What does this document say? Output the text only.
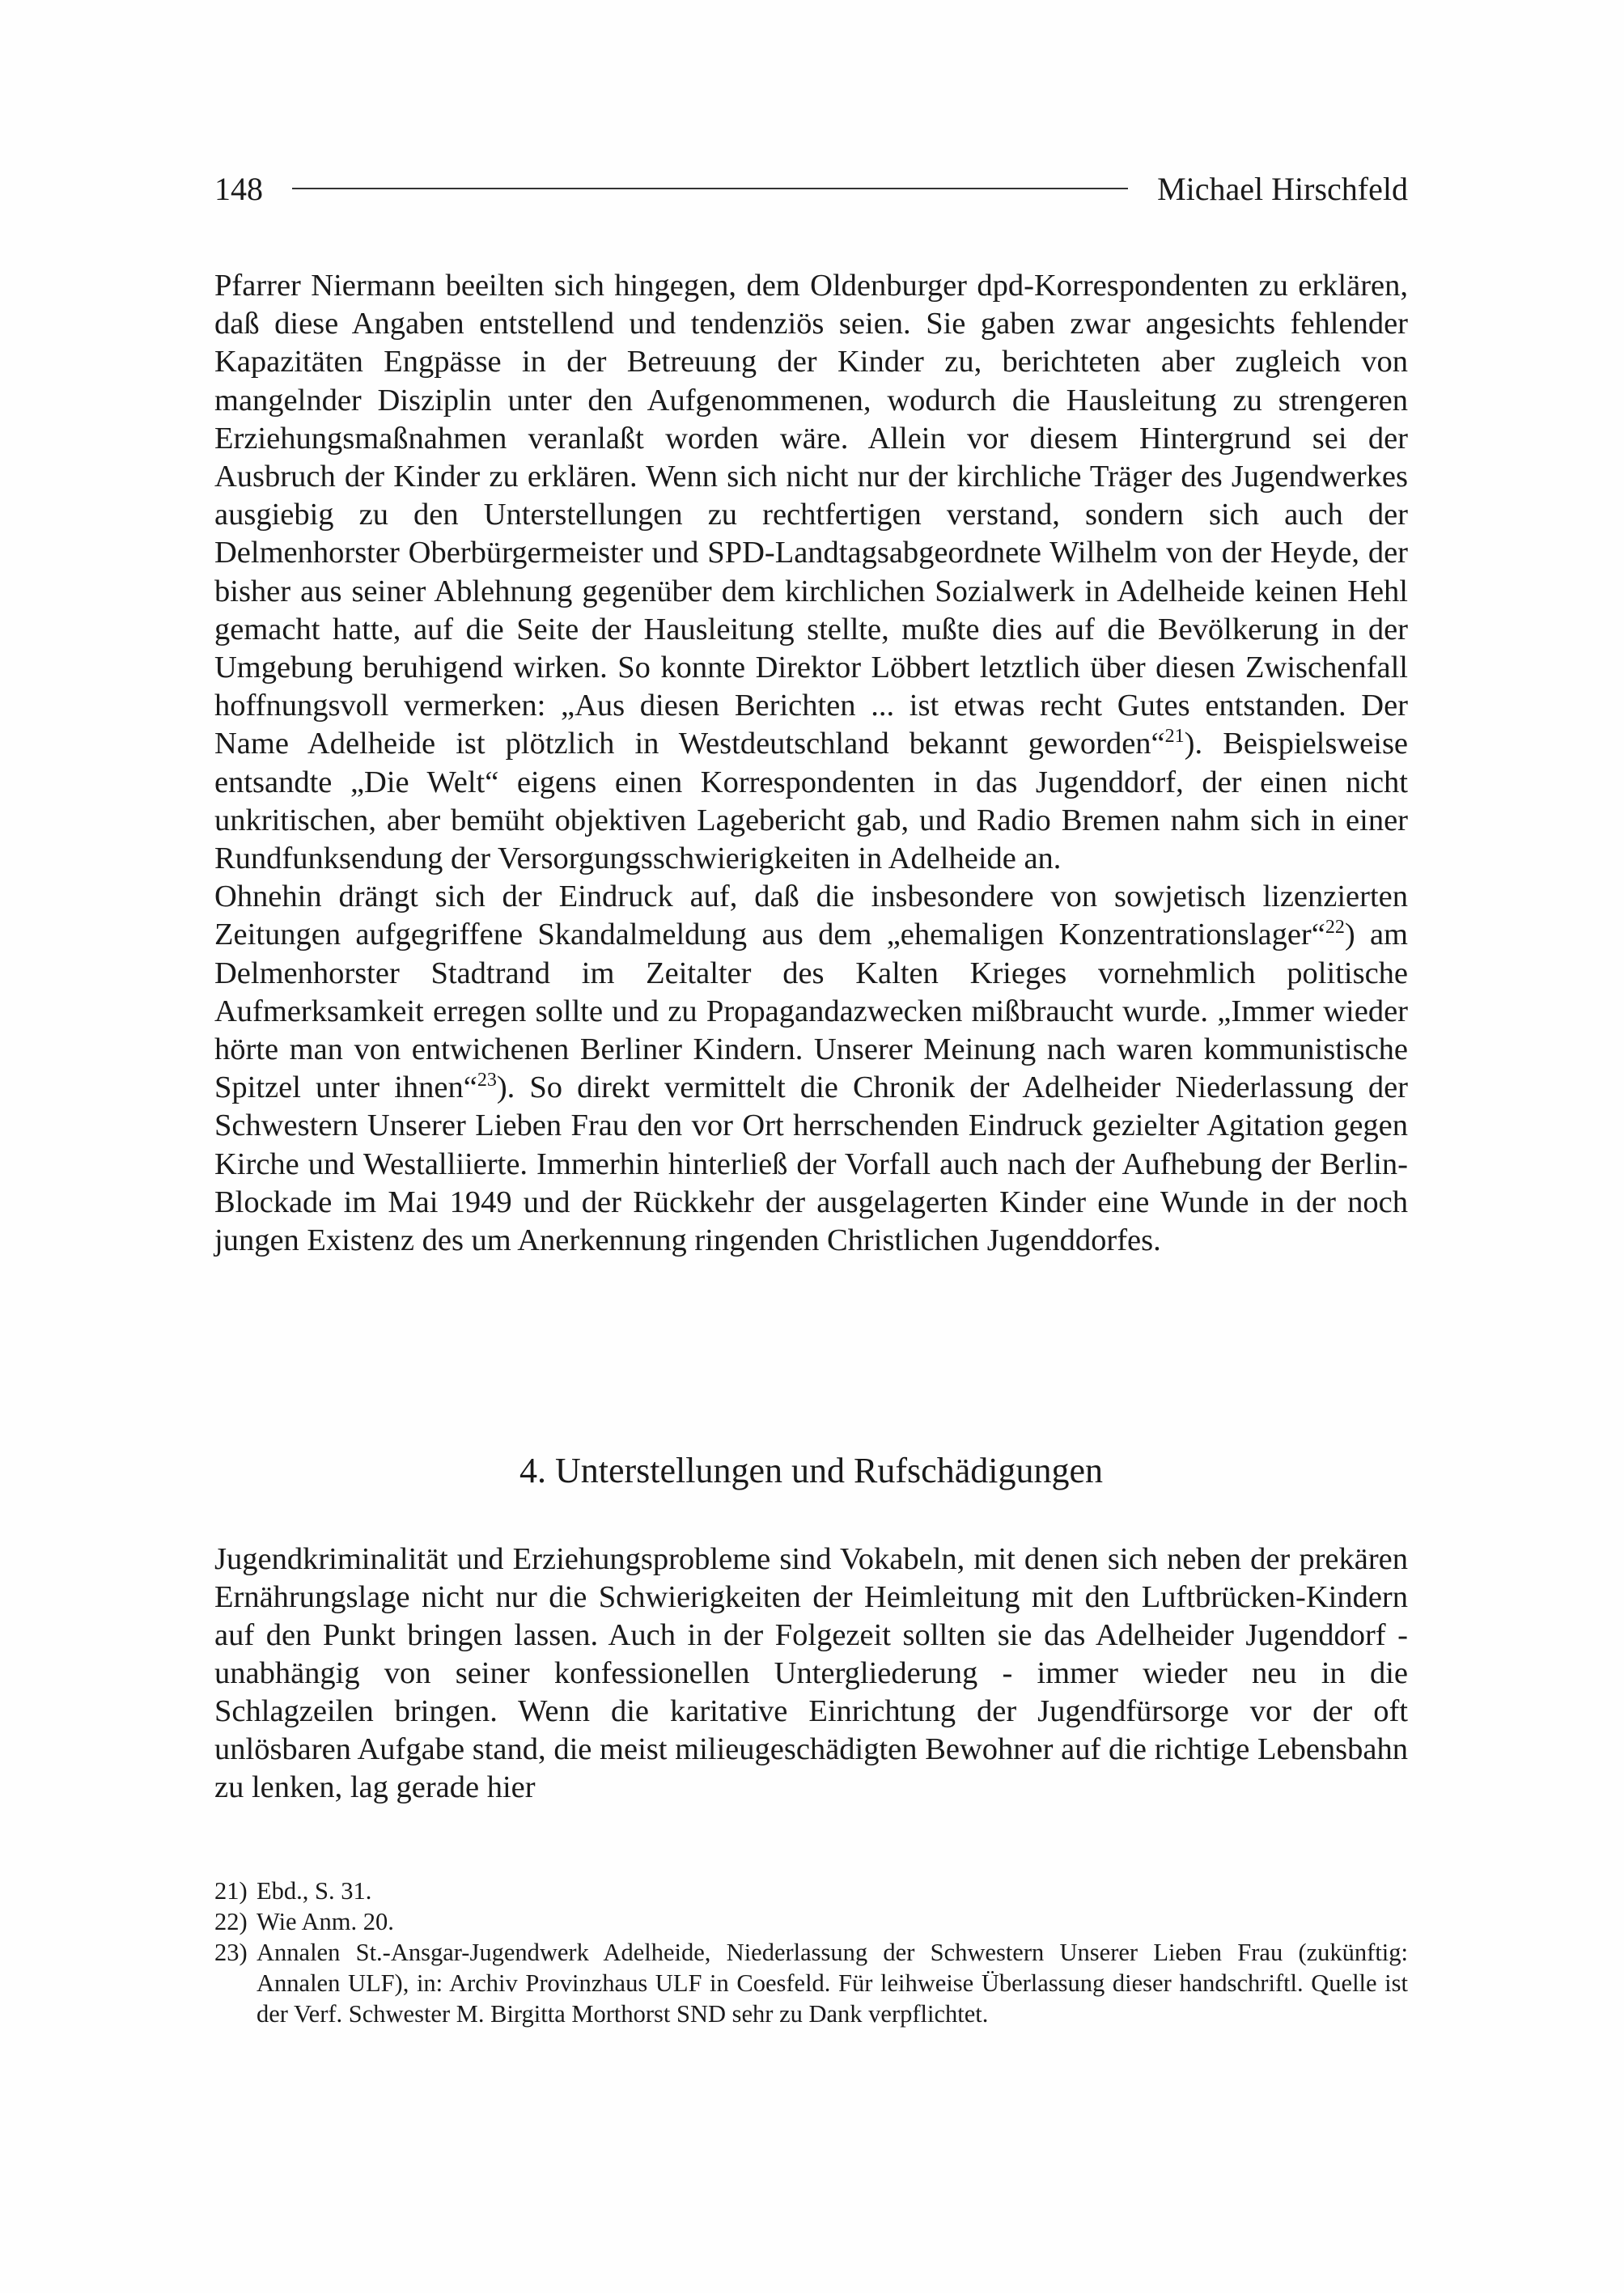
148	Michael Hirschfeld

Pfarrer Niermann beeilten sich hingegen, dem Oldenburger dpd-Korrespondenten zu erklären, daß diese Angaben entstellend und tendenziös seien. Sie gaben zwar angesichts fehlender Kapazitäten Engpässe in der Betreuung der Kinder zu, berichteten aber zugleich von mangelnder Disziplin unter den Aufgenommenen, wodurch die Hausleitung zu strengeren Erziehungsmaßnahmen veranlaßt worden wäre. Allein vor diesem Hintergrund sei der Ausbruch der Kinder zu erklären. Wenn sich nicht nur der kirchliche Träger des Jugendwerkes ausgiebig zu den Unterstellungen zu rechtfertigen verstand, sondern sich auch der Delmenhorster Oberbürgermeister und SPD-Landtagsabgeordnete Wilhelm von der Heyde, der bisher aus seiner Ablehnung gegenüber dem kirchlichen Sozialwerk in Adelheide keinen Hehl gemacht hatte, auf die Seite der Hausleitung stellte, mußte dies auf die Bevölkerung in der Umgebung beruhigend wirken. So konnte Direktor Löbbert letztlich über diesen Zwischenfall hoffnungsvoll vermerken: „Aus diesen Berichten ... ist etwas recht Gutes entstanden. Der Name Adelheide ist plötzlich in Westdeutschland bekannt geworden“$^{21}$). Beispielsweise entsandte „Die Welt“ eigens einen Korrespondenten in das Jugenddorf, der einen nicht unkritischen, aber bemüht objektiven Lagebericht gab, und Radio Bremen nahm sich in einer Rundfunksendung der Versorgungsschwierigkeiten in Adelheide an.

Ohnehin drängt sich der Eindruck auf, daß die insbesondere von sowjetisch lizenzierten Zeitungen aufgegriffene Skandalmeldung aus dem „ehemaligen Konzentrationslager“$^{22}$) am Delmenhorster Stadtrand im Zeitalter des Kalten Krieges vornehmlich politische Aufmerksamkeit erregen sollte und zu Propagandazwecken mißbraucht wurde. „Immer wieder hörte man von entwichenen Berliner Kindern. Unserer Meinung nach waren kommunistische Spitzel unter ihnen“$^{23}$). So direkt vermittelt die Chronik der Adelheider Niederlassung der Schwestern Unserer Lieben Frau den vor Ort herrschenden Eindruck gezielter Agitation gegen Kirche und Westalliierte. Immerhin hinterließ der Vorfall auch nach der Aufhebung der Berlin-Blockade im Mai 1949 und der Rückkehr der ausgelagerten Kinder eine Wunde in der noch jungen Existenz des um Anerkennung ringenden Christlichen Jugenddorfes.

4. Unterstellungen und Rufschädigungen

Jugendkriminalität und Erziehungsprobleme sind Vokabeln, mit denen sich neben der prekären Ernährungslage nicht nur die Schwierigkeiten der Heimleitung mit den Luftbrücken-Kindern auf den Punkt bringen lassen. Auch in der Folgezeit sollten sie das Adelheider Jugenddorf - unabhängig von seiner konfessionellen Untergliederung - immer wieder neu in die Schlagzeilen bringen. Wenn die karitative Einrichtung der Jugendfürsorge vor der oft unlösbaren Aufgabe stand, die meist milieugeschädigten Bewohner auf die richtige Lebensbahn zu lenken, lag gerade hier

21) Ebd., S. 31.
22) Wie Anm. 20.
23) Annalen St.-Ansgar-Jugendwerk Adelheide, Niederlassung der Schwestern Unserer Lieben Frau (zukünftig: Annalen ULF), in: Archiv Provinzhaus ULF in Coesfeld. Für leihweise Überlassung dieser handschriftl. Quelle ist der Verf. Schwester M. Birgitta Morthorst SND sehr zu Dank verpflichtet.
